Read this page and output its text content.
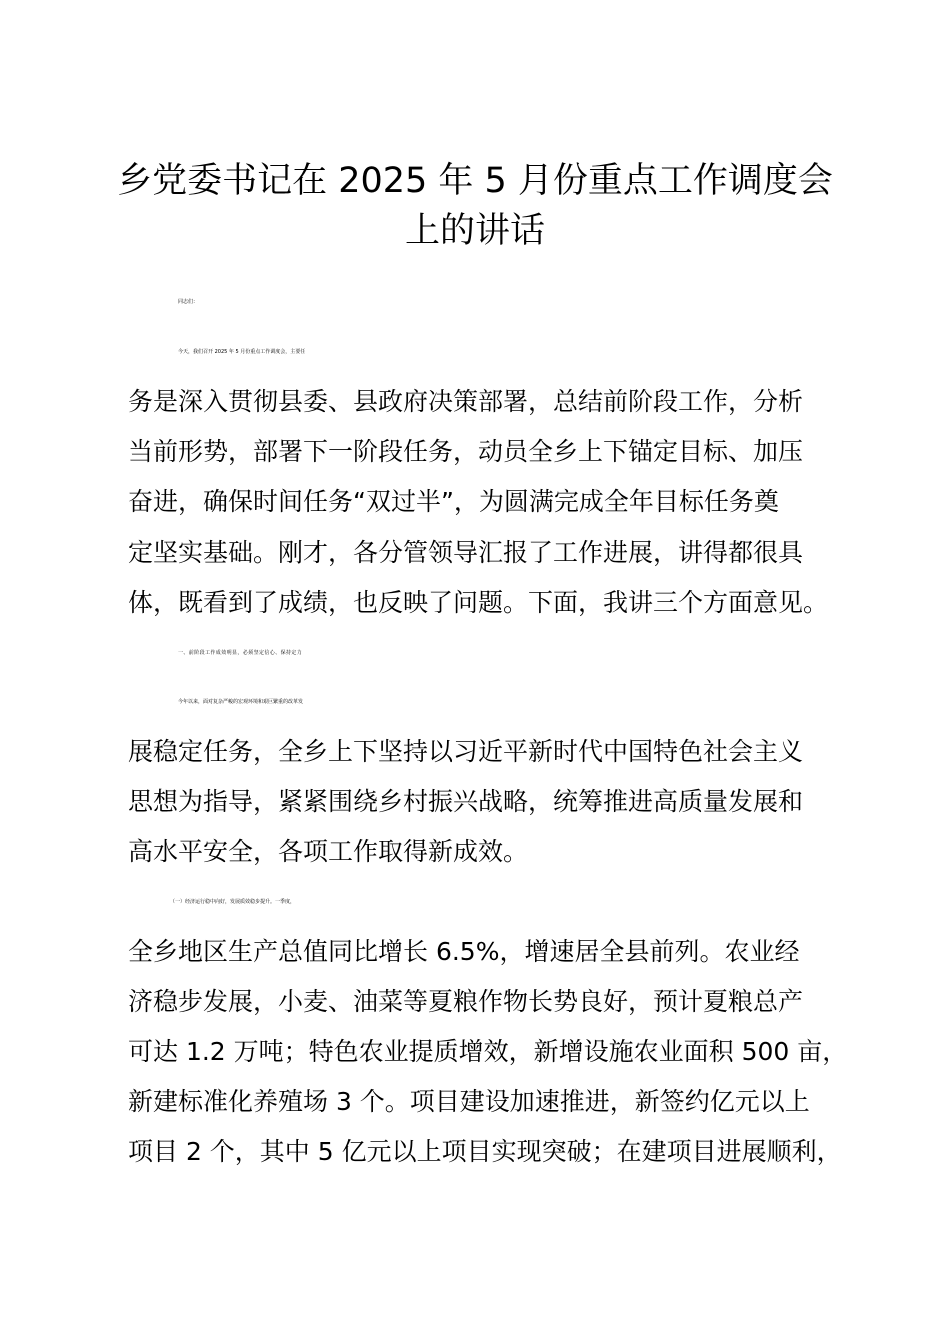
乡党委书记在 2025 年 5 月份重点工作调度会
上的讲话
同志们：
今天，我们召开 2025 年 5 月份重点工作调度会，主要任
务是深入贯彻县委、县政府决策部署，总结前阶段工作，分析
当前形势，部署下一阶段任务，动员全乡上下锚定目标、加压
奋进，确保时间任务“双过半”，为圆满完成全年目标任务奠
定坚实基础。刚才，各分管领导汇报了工作进展，讲得都很具
体，既看到了成绩，也反映了问题。下面，我讲三个方面意见。
一、前阶段工作成效明显，必须坚定信心、保持定力
今年以来，面对复杂严峻的宏观环境和艰巨繁重的改革发
展稳定任务，全乡上下坚持以习近平新时代中国特色社会主义
思想为指导，紧紧围绕乡村振兴战略，统筹推进高质量发展和
高水平安全，各项工作取得新成效。
（一）经济运行稳中向好，发展质效稳步提升。一季度，
全乡地区生产总值同比增长 6.5%，增速居全县前列。农业经
济稳步发展，小麦、油菜等夏粮作物长势良好，预计夏粮总产
可达 1.2 万吨；特色农业提质增效，新增设施农业面积 500 亩，
新建标准化养殖场 3 个。项目建设加速推进，新签约亿元以上
项目 2 个，其中 5 亿元以上项目实现突破；在建项目进展顺利，
